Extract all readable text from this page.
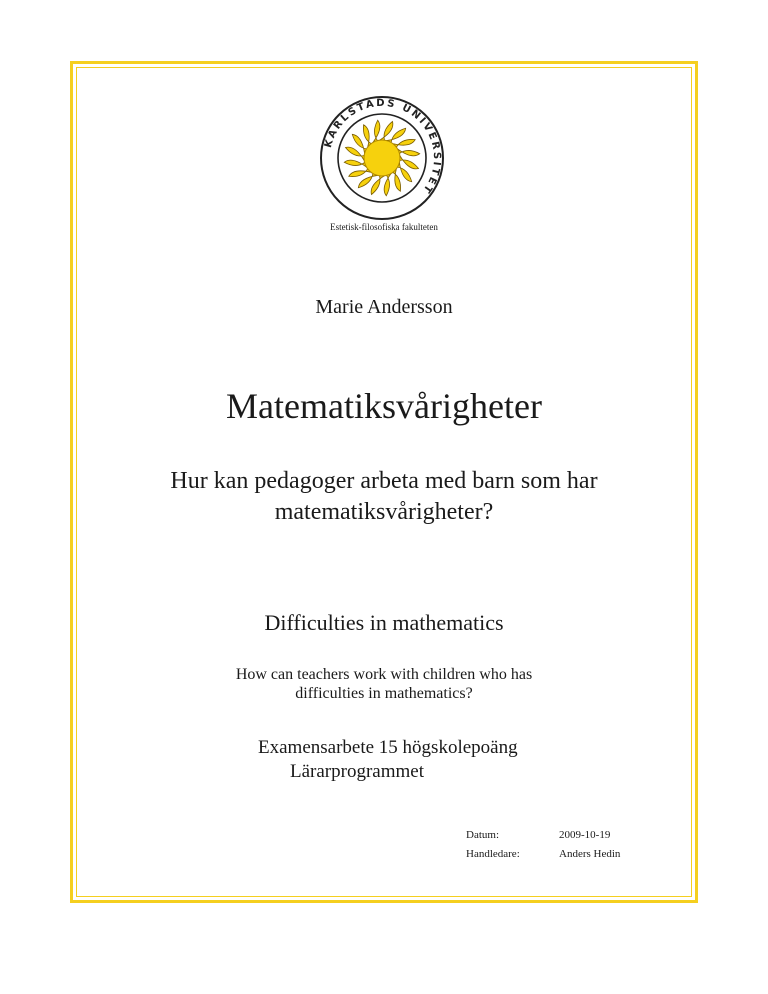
KARLSTADS UNIVERSITET
Estetisk-filosofiska fakulteten
Marie Andersson
Matematiksvårigheter
Hur kan pedagoger arbeta med barn som har
matematiksvårigheter?
Difficulties in mathematics
How can teachers work with children who has
difficulties in mathematics?
Examensarbete 15 högskolepoäng
Lärarprogrammet
Datum:	2009-10-19
Handledare:	Anders Hedin
